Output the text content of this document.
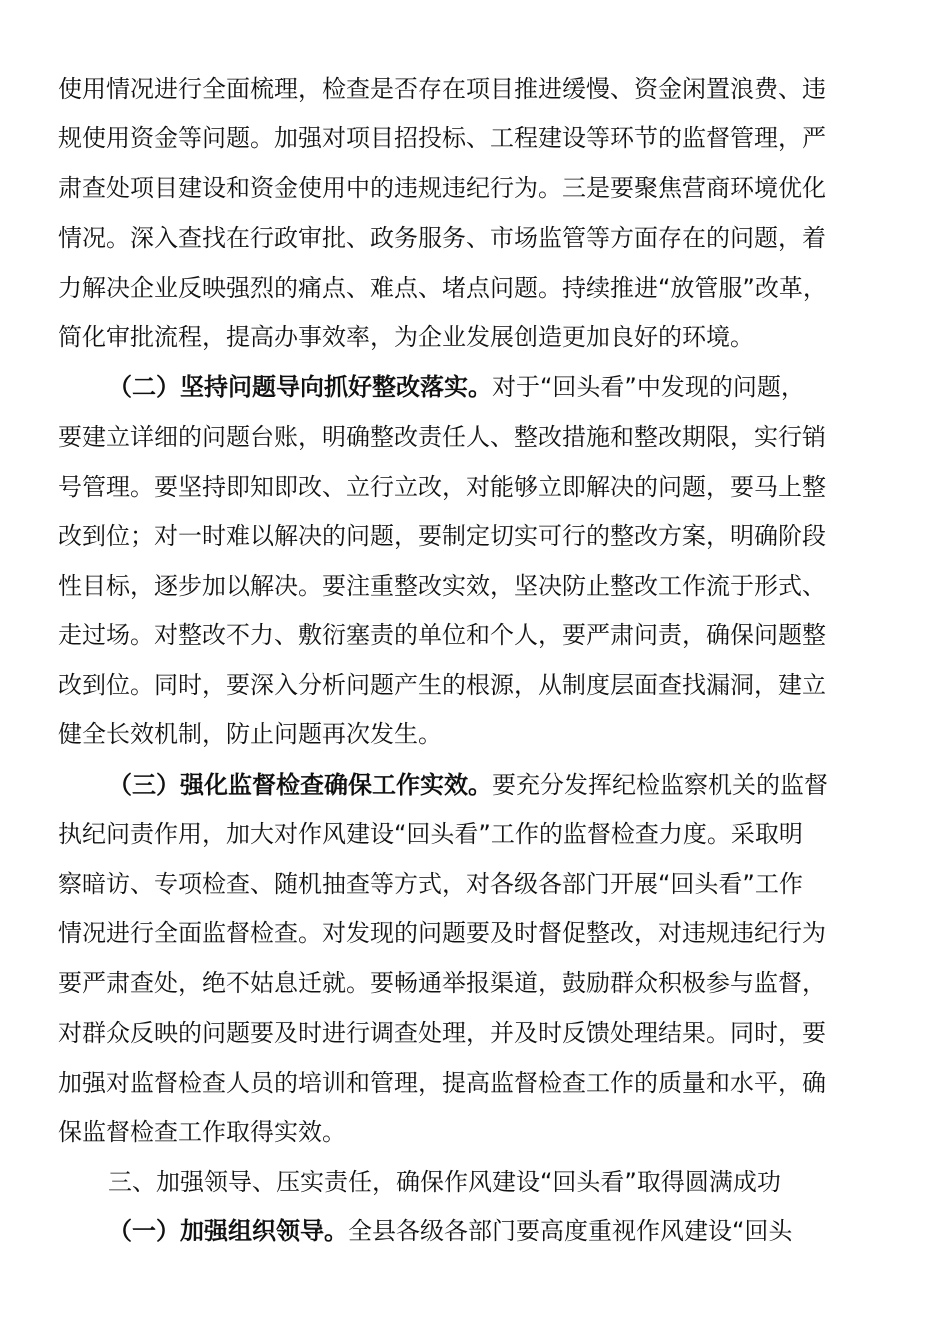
使用情况进行全面梳理，检查是否存在项目推进缓慢、资金闲置浪费、违
规使用资金等问题。加强对项目招投标、工程建设等环节的监督管理，严
肃查处项目建设和资金使用中的违规违纪行为。三是要聚焦营商环境优化
情况。深入查找在行政审批、政务服务、市场监管等方面存在的问题，着
力解决企业反映强烈的痛点、难点、堵点问题。持续推进“放管服”改革，
简化审批流程，提高办事效率，为企业发展创造更加良好的环境。
（二）坚持问题导向抓好整改落实。对于“回头看”中发现的问题，
要建立详细的问题台账，明确整改责任人、整改措施和整改期限，实行销
号管理。要坚持即知即改、立行立改，对能够立即解决的问题，要马上整
改到位；对一时难以解决的问题，要制定切实可行的整改方案，明确阶段
性目标，逐步加以解决。要注重整改实效，坚决防止整改工作流于形式、
走过场。对整改不力、敷衍塞责的单位和个人，要严肃问责，确保问题整
改到位。同时，要深入分析问题产生的根源，从制度层面查找漏洞，建立
健全长效机制，防止问题再次发生。
（三）强化监督检查确保工作实效。要充分发挥纪检监察机关的监督
执纪问责作用，加大对作风建设“回头看”工作的监督检查力度。采取明
察暗访、专项检查、随机抽查等方式，对各级各部门开展“回头看”工作
情况进行全面监督检查。对发现的问题要及时督促整改，对违规违纪行为
要严肃查处，绝不姑息迁就。要畅通举报渠道，鼓励群众积极参与监督，
对群众反映的问题要及时进行调查处理，并及时反馈处理结果。同时，要
加强对监督检查人员的培训和管理，提高监督检查工作的质量和水平，确
保监督检查工作取得实效。
三、加强领导、压实责任，确保作风建设“回头看”取得圆满成功
（一）加强组织领导。全县各级各部门要高度重视作风建设“回头
